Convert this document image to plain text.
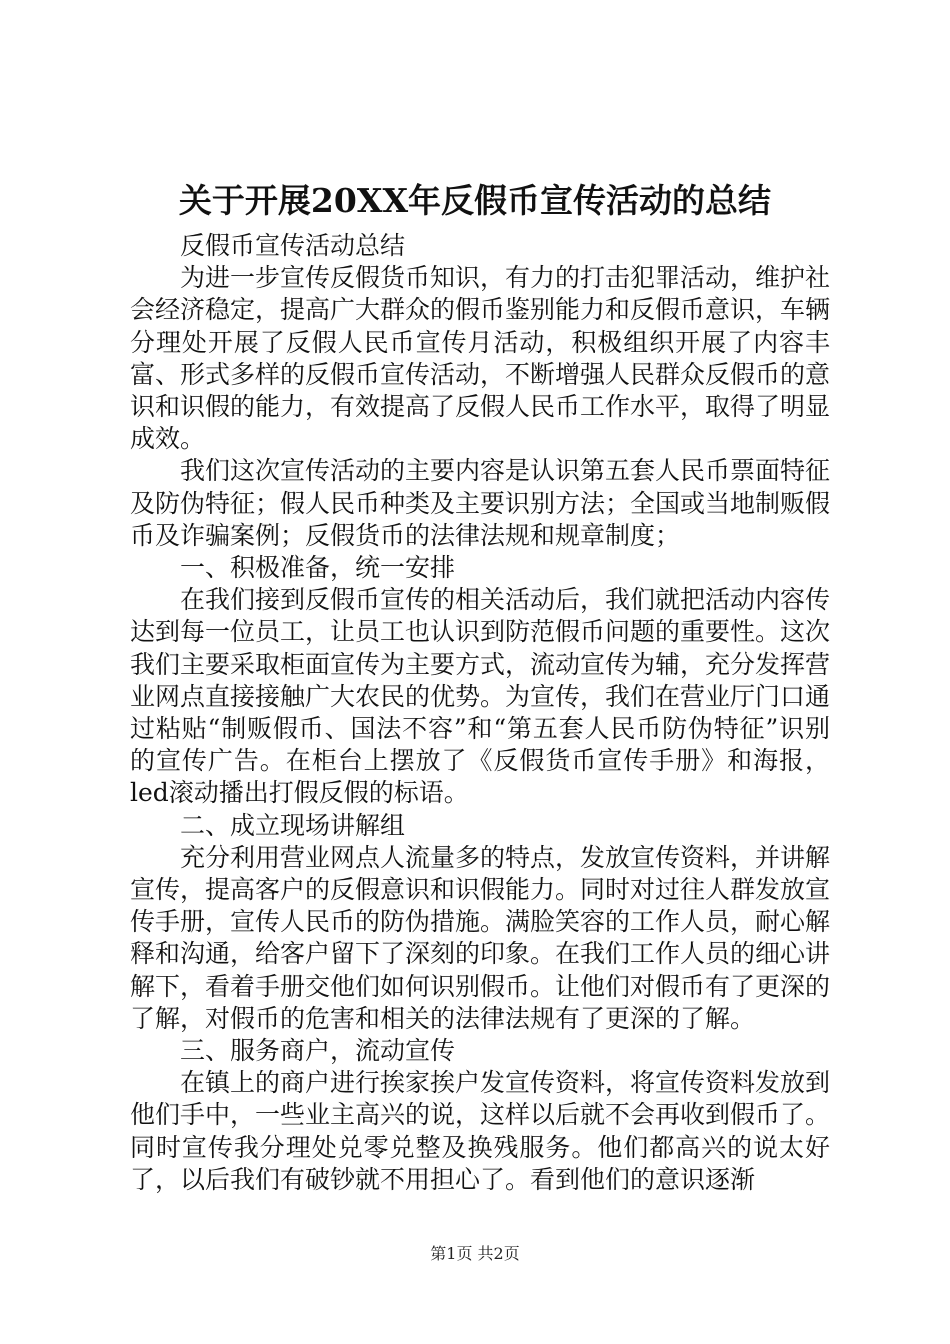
关于开展20XX年反假币宣传活动的总结

反假币宣传活动总结

为进一步宣传反假货币知识，有力的打击犯罪活动，维护社会经济稳定，提高广大群众的假币鉴别能力和反假币意识，车辆分理处开展了反假人民币宣传月活动，积极组织开展了内容丰富、形式多样的反假币宣传活动，不断增强人民群众反假币的意识和识假的能力，有效提高了反假人民币工作水平，取得了明显成效。

我们这次宣传活动的主要内容是认识第五套人民币票面特征及防伪特征；假人民币种类及主要识别方法；全国或当地制贩假币及诈骗案例；反假货币的法律法规和规章制度；

一、积极准备，统一安排

在我们接到反假币宣传的相关活动后，我们就把活动内容传达到每一位员工，让员工也认识到防范假币问题的重要性。这次我们主要采取柜面宣传为主要方式，流动宣传为辅，充分发挥营业网点直接接触广大农民的优势。为宣传，我们在营业厅门口通过粘贴“制贩假币、国法不容”和“第五套人民币防伪特征”识别的宣传广告。在柜台上摆放了《反假货币宣传手册》和海报，led滚动播出打假反假的标语。

二、成立现场讲解组

充分利用营业网点人流量多的特点，发放宣传资料，并讲解宣传，提高客户的反假意识和识假能力。同时对过往人群发放宣传手册，宣传人民币的防伪措施。满脸笑容的工作人员，耐心解释和沟通，给客户留下了深刻的印象。在我们工作人员的细心讲解下，看着手册交他们如何识别假币。让他们对假币有了更深的了解，对假币的危害和相关的法律法规有了更深的了解。

三、服务商户，流动宣传

在镇上的商户进行挨家挨户发宣传资料，将宣传资料发放到他们手中，一些业主高兴的说，这样以后就不会再收到假币了。同时宣传我分理处兑零兑整及换残服务。他们都高兴的说太好了，以后我们有破钞就不用担心了。看到他们的意识逐渐

第1页 共2页
